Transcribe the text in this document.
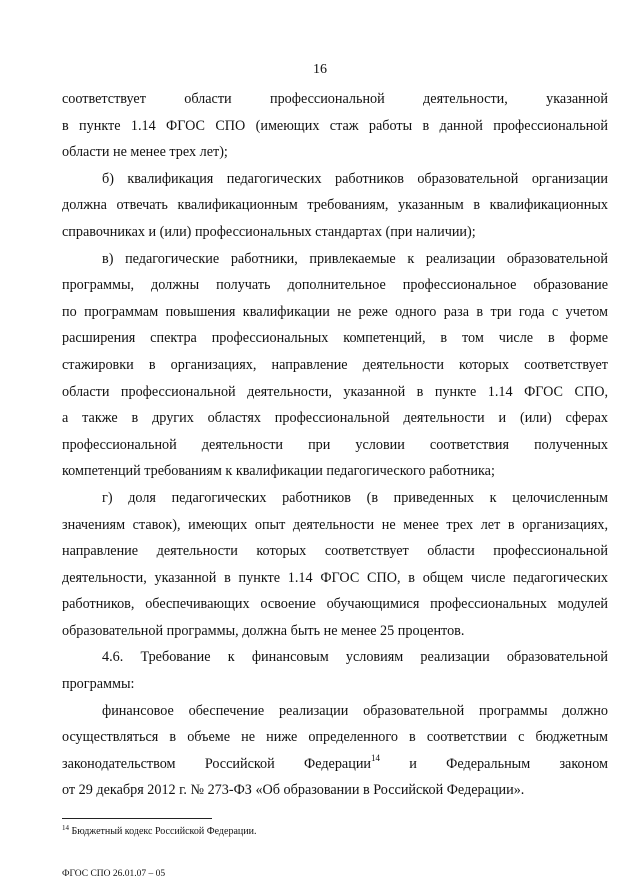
16
соответствует области профессиональной деятельности, указанной
в пункте 1.14 ФГОС СПО (имеющих стаж работы в данной профессиональной
области не менее трех лет);
б) квалификация педагогических работников образовательной организации
должна отвечать квалификационным требованиям, указанным в квалификационных
справочниках и (или) профессиональных стандартах (при наличии);
в) педагогические работники, привлекаемые к реализации образовательной
программы, должны получать дополнительное профессиональное образование
по программам повышения квалификации не реже одного раза в три года с учетом
расширения спектра профессиональных компетенций, в том числе в форме
стажировки в организациях, направление деятельности которых соответствует
области профессиональной деятельности, указанной в пункте 1.14 ФГОС СПО,
а также в других областях профессиональной деятельности и (или) сферах
профессиональной деятельности при условии соответствия полученных
компетенций требованиям к квалификации педагогического работника;
г) доля педагогических работников (в приведенных к целочисленным
значениям ставок), имеющих опыт деятельности не менее трех лет в организациях,
направление деятельности которых соответствует области профессиональной
деятельности, указанной в пункте 1.14 ФГОС СПО, в общем числе педагогических
работников, обеспечивающих освоение обучающимися профессиональных модулей
образовательной программы, должна быть не менее 25 процентов.
4.6. Требование к финансовым условиям реализации образовательной
программы:
финансовое обеспечение реализации образовательной программы должно
осуществляться в объеме не ниже определенного в соответствии с бюджетным
законодательством Российской Федерации$^{14}$ и Федеральным законом
от 29 декабря 2012 г. № 273-ФЗ «Об образовании в Российской Федерации».
$^{14}$ Бюджетный кодекс Российской Федерации.
ФГОС СПО 26.01.07 – 05
